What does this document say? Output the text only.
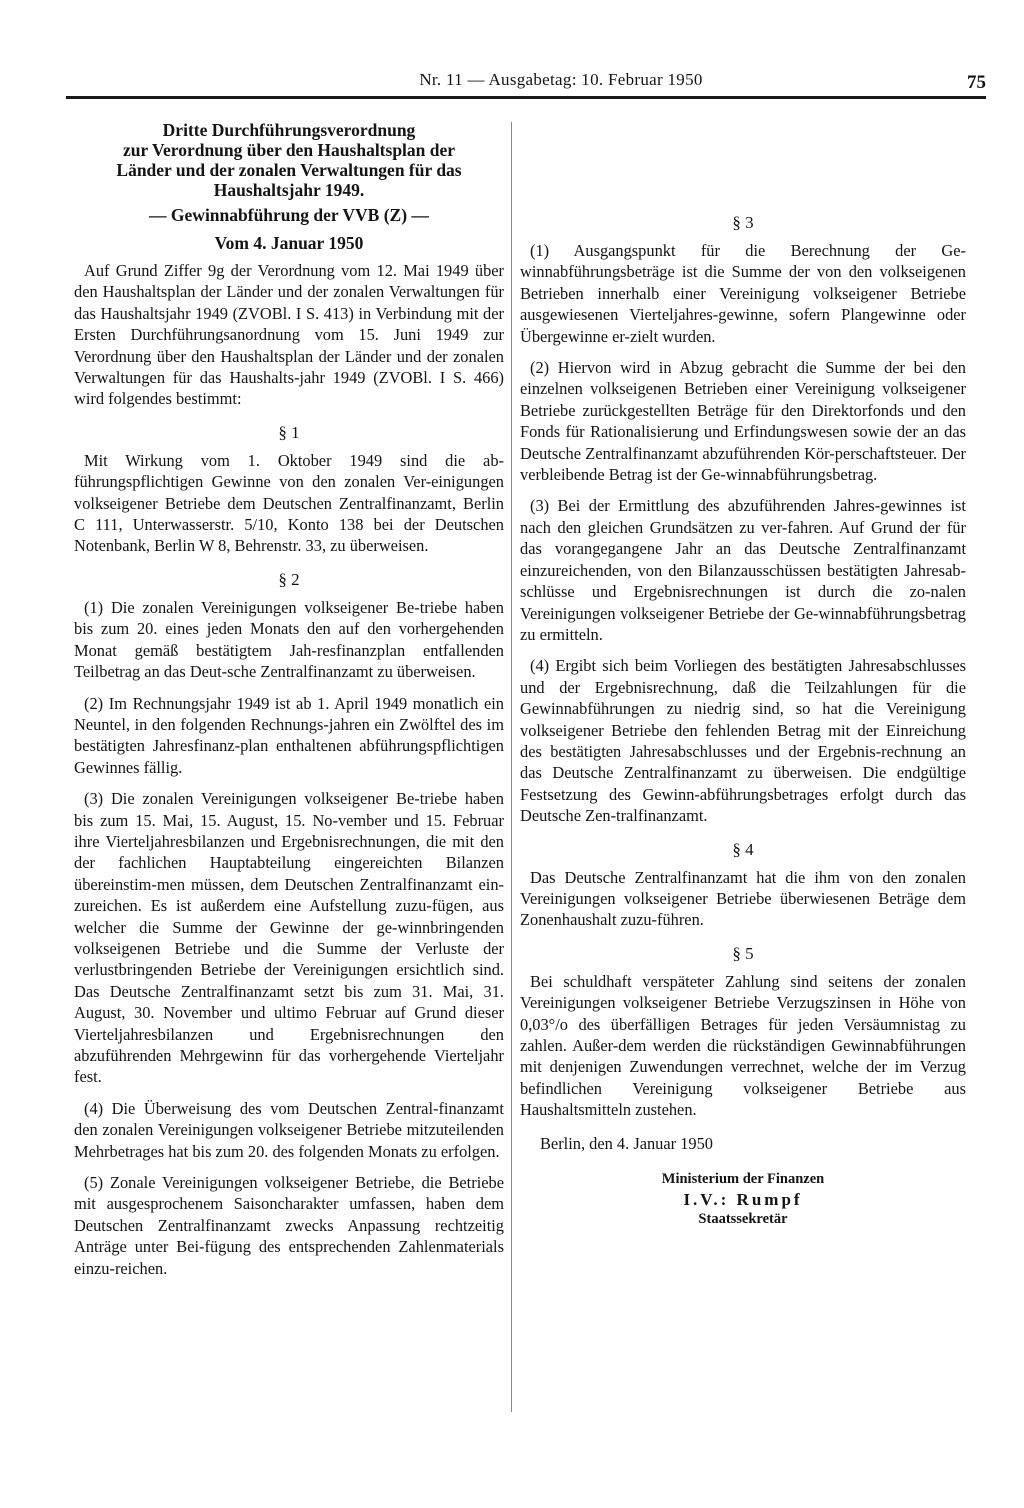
Nr. 11 — Ausgabetag: 10. Februar 1950	75
Dritte Durchführungsverordnung
zur Verordnung über den Haushaltsplan der
Länder und der zonalen Verwaltungen für das
Haushaltsjahr 1949.
— Gewinnabführung der VVB (Z) —
Vom 4. Januar 1950

Auf Grund Ziffer 9g der Verordnung vom 12. Mai 1949 über den Haushaltsplan der Länder und der zonalen Verwaltungen für das Haushaltsjahr 1949 (ZVOBl. I S. 413) in Verbindung mit der Ersten Durchführungsanordnung vom 15. Juni 1949 zur Verordnung über den Haushaltsplan der Länder und der zonalen Verwaltungen für das Haushalts-jahr 1949 (ZVOBl. I S. 466) wird folgendes bestimmt:

§ 1

Mit Wirkung vom 1. Oktober 1949 sind die ab-führungspflichtigen Gewinne von den zonalen Ver-einigungen volkseigener Betriebe dem Deutschen Zentralfinanzamt, Berlin C 111, Unterwasserstr. 5/10, Konto 138 bei der Deutschen Notenbank, Berlin W 8, Behrenstr. 33, zu überweisen.

§ 2

(1) Die zonalen Vereinigungen volkseigener Be-triebe haben bis zum 20. eines jeden Monats den auf den vorhergehenden Monat gemäß bestätigtem Jah-resfinanzplan entfallenden Teilbetrag an das Deut-sche Zentralfinanzamt zu überweisen.

(2) Im Rechnungsjahr 1949 ist ab 1. April 1949 monatlich ein Neuntel, in den folgenden Rechnungs-jahren ein Zwölftel des im bestätigten Jahresfinanz-plan enthaltenen abführungspflichtigen Gewinnes fällig.

(3) Die zonalen Vereinigungen volkseigener Be-triebe haben bis zum 15. Mai, 15. August, 15. No-vember und 15. Februar ihre Vierteljahresbilanzen und Ergebnisrechnungen, die mit den der fachlichen Hauptabteilung eingereichten Bilanzen übereinstim-men müssen, dem Deutschen Zentralfinanzamt ein-zureichen. Es ist außerdem eine Aufstellung zuzu-fügen, aus welcher die Summe der Gewinne der ge-winnbringenden volkseigenen Betriebe und die Summe der Verluste der verlustbringenden Betriebe der Vereinigungen ersichtlich sind. Das Deutsche Zentralfinanzamt setzt bis zum 31. Mai, 31. August, 30. November und ultimo Februar auf Grund dieser Vierteljahresbilanzen und Ergebnisrechnungen den abzuführenden Mehrgewinn für das vorhergehende Vierteljahr fest.

(4) Die Überweisung des vom Deutschen Zentral-finanzamt den zonalen Vereinigungen volkseigener Betriebe mitzuteilenden Mehrbetrages hat bis zum 20. des folgenden Monats zu erfolgen.

(5) Zonale Vereinigungen volkseigener Betriebe, die Betriebe mit ausgesprochenem Saisoncharakter umfassen, haben dem Deutschen Zentralfinanzamt zwecks Anpassung rechtzeitig Anträge unter Bei-fügung des entsprechenden Zahlenmaterials einzu-reichen.

§ 3

(1) Ausgangspunkt für die Berechnung der Ge-winnabführungsbeträge ist die Summe der von den volkseigenen Betrieben innerhalb einer Vereinigung volkseigener Betriebe ausgewiesenen Vierteljahres-gewinne, sofern Plangewinne oder Übergewinne er-zielt wurden.

(2) Hiervon wird in Abzug gebracht die Summe der bei den einzelnen volkseigenen Betrieben einer Vereinigung volkseigener Betriebe zurückgestellten Beträge für den Direktorfonds und den Fonds für Rationalisierung und Erfindungswesen sowie der an das Deutsche Zentralfinanzamt abzuführenden Kör-perschaftsteuer. Der verbleibende Betrag ist der Ge-winnabführungsbetrag.

(3) Bei der Ermittlung des abzuführenden Jahres-gewinnes ist nach den gleichen Grundsätzen zu ver-fahren. Auf Grund der für das vorangegangene Jahr an das Deutsche Zentralfinanzamt einzureichenden, von den Bilanzausschüssen bestätigten Jahresab-schlüsse und Ergebnisrechnungen ist durch die zo-nalen Vereinigungen volkseigener Betriebe der Ge-winnabführungsbetrag zu ermitteln.

(4) Ergibt sich beim Vorliegen des bestätigten Jahresabschlusses und der Ergebnisrechnung, daß die Teilzahlungen für die Gewinnabführungen zu niedrig sind, so hat die Vereinigung volkseigener Betriebe den fehlenden Betrag mit der Einreichung des bestätigten Jahresabschlusses und der Ergebnis-rechnung an das Deutsche Zentralfinanzamt zu überweisen. Die endgültige Festsetzung des Gewinn-abführungsbetrages erfolgt durch das Deutsche Zen-tralfinanzamt.

§ 4

Das Deutsche Zentralfinanzamt hat die ihm von den zonalen Vereinigungen volkseigener Betriebe überwiesenen Beträge dem Zonenhaushalt zuzu-führen.

§ 5

Bei schuldhaft verspäteter Zahlung sind seitens der zonalen Vereinigungen volkseigener Betriebe Verzugszinsen in Höhe von 0,03°/o des überfälligen Betrages für jeden Versäumnistag zu zahlen. Außer-dem werden die rückständigen Gewinnabführungen mit denjenigen Zuwendungen verrechnet, welche der im Verzug befindlichen Vereinigung volkseigener Betriebe aus Haushaltsmitteln zustehen.

Berlin, den 4. Januar 1950
Ministerium der Finanzen
I.V.: Rumpf
Staatssekretär
